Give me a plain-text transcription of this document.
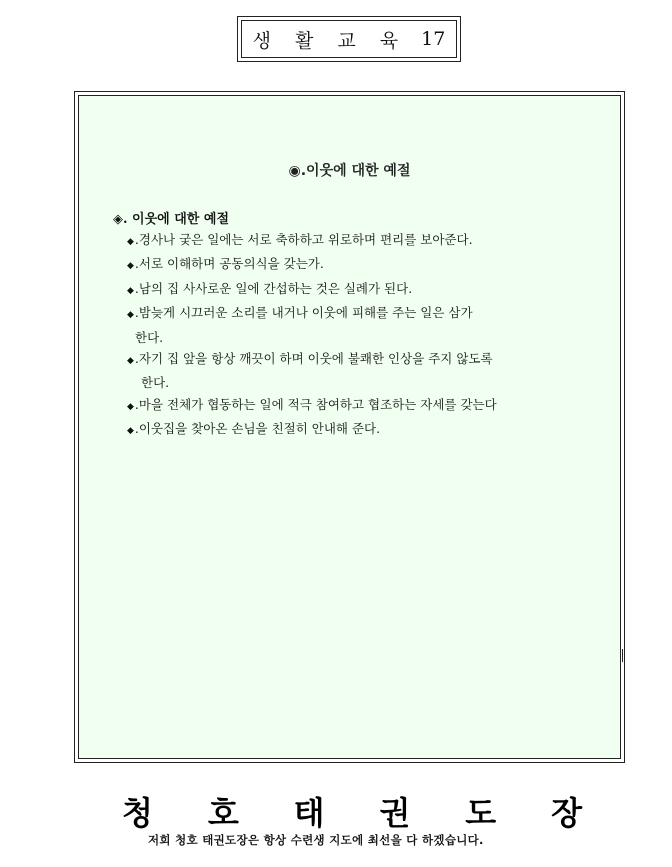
생 활 교 육 17
◉.이웃에 대한 예절
◈. 이웃에 대한 예절
◆.경사나 궂은 일에는 서로 축하하고 위로하며 편리를 보아준다.
◆.서로 이해하며 공동의식을 갖는가.
◆.남의 집 사사로운 일에 간섭하는 것은 실례가 된다.
◆.밤늦게 시끄러운 소리를 내거나 이웃에 피해를 주는 일은 삼가
한다.
◆.자기 집 앞을 항상 깨끗이 하며 이웃에 불쾌한 인상을 주지 않도록
한다.
◆.마을 전체가 협동하는 일에 적극 참여하고 협조하는 자세를 갖는다
◆.이웃집을 찾아온 손님을 친절히 안내해 준다.
청 호 태 권 도 장
저희 청호 태권도장은 항상 수련생 지도에 최선을 다 하겠습니다.
